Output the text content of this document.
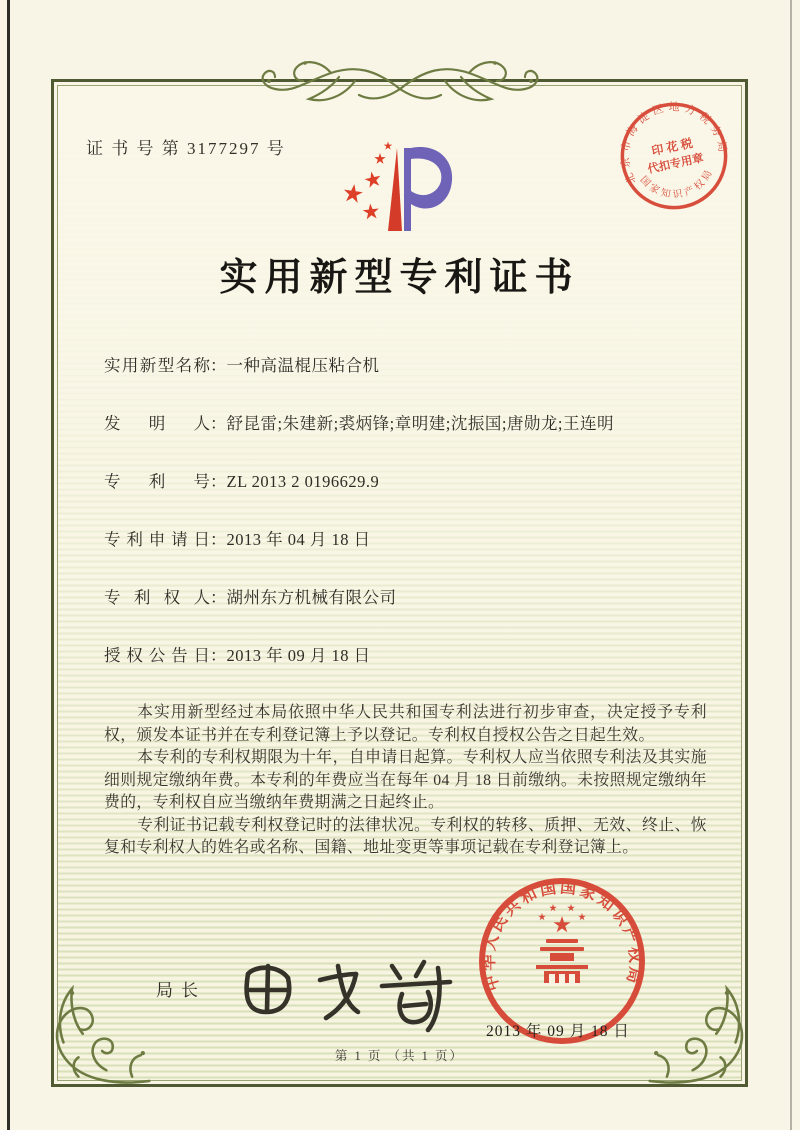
证 书 号 第 3177297 号
北京市海淀区地方税务局
国家知识产权局
印 花 税
代扣专用章
实用新型专利证书
实用新型名称：一种高温棍压粘合机
发明人：舒昆雷;朱建新;裘炳锋;章明建;沈振国;唐勋龙;王连明
专利号：ZL 2013 2 0196629.9
专利申请日：2013 年 04 月 18 日
专利权人：湖州东方机械有限公司
授权公告日：2013 年 09 月 18 日

本实用新型经过本局依照中华人民共和国专利法进行初步审查，决定授予专利权，颁发本证书并在专利登记簿上予以登记。专利权自授权公告之日起生效。

本专利的专利权期限为十年，自申请日起算。专利权人应当依照专利法及其实施细则规定缴纳年费。本专利的年费应当在每年 04 月 18 日前缴纳。未按照规定缴纳年费的，专利权自应当缴纳年费期满之日起终止。

专利证书记载专利权登记时的法律状况。专利权的转移、质押、无效、终止、恢复和专利权人的姓名或名称、国籍、地址变更等事项记载在专利登记簿上。

局长	中华人民共和国国家知识产权局
2013 年 09 月 18 日
第 1 页 （共 1 页）
